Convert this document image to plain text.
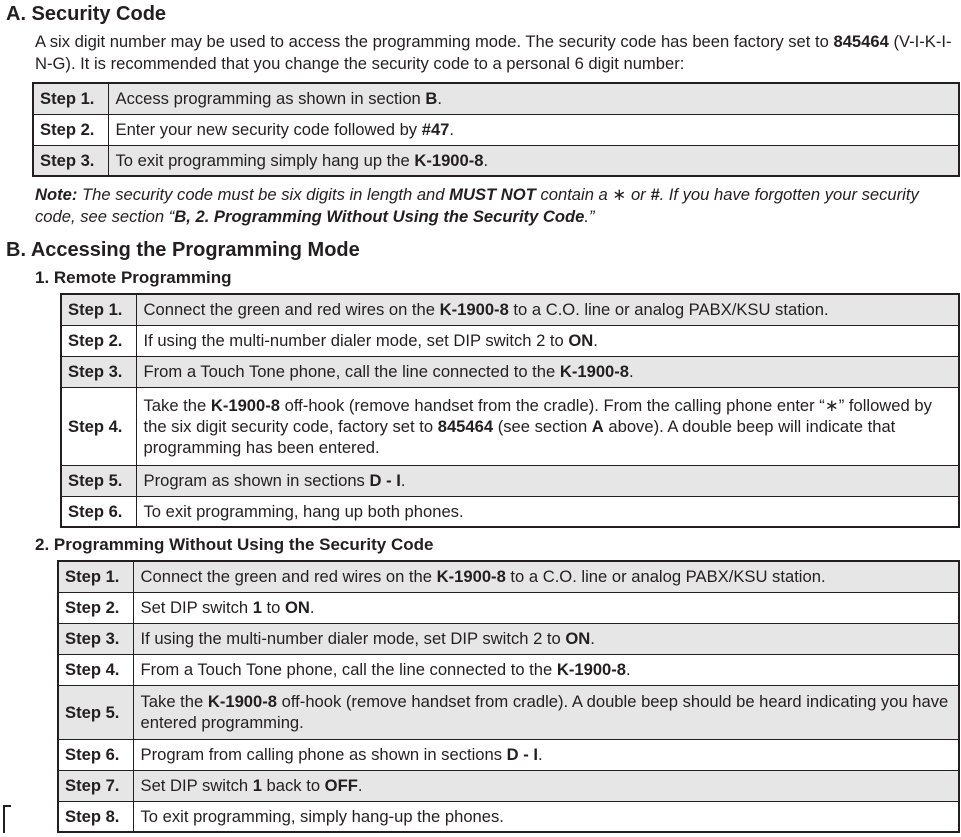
A. Security Code

A six digit number may be used to access the programming mode. The security code has been factory set to 845464 (V-I-K-I-N-G). It is recommended that you change the security code to a personal 6 digit number:

Step 1.	Access programming as shown in section B.
Step 2.	Enter your new security code followed by #47.
Step 3.	To exit programming simply hang up the K-1900-8.

Note: The security code must be six digits in length and MUST NOT contain a ∗ or #. If you have forgotten your security code, see section “B, 2. Programming Without Using the Security Code.”

B. Accessing the Programming Mode
1. Remote Programming
Step 1.	Connect the green and red wires on the K-1900-8 to a C.O. line or analog PABX/KSU station.
Step 2.	If using the multi-number dialer mode, set DIP switch 2 to ON.
Step 3.	From a Touch Tone phone, call the line connected to the K-1900-8.
Step 4.	Take the K-1900-8 off-hook (remove handset from the cradle). From the calling phone enter “∗” followed by the six digit security code, factory set to 845464 (see section A above). A double beep will indicate that programming has been entered.
Step 5.	Program as shown in sections D - I.
Step 6.	To exit programming, hang up both phones.
2. Programming Without Using the Security Code
Step 1.	Connect the green and red wires on the K-1900-8 to a C.O. line or analog PABX/KSU station.
Step 2.	Set DIP switch 1 to ON.
Step 3.	If using the multi-number dialer mode, set DIP switch 2 to ON.
Step 4.	From a Touch Tone phone, call the line connected to the K-1900-8.
Step 5.	Take the K-1900-8 off-hook (remove handset from cradle). A double beep should be heard indicating you have entered programming.
Step 6.	Program from calling phone as shown in sections D - I.
Step 7.	Set DIP switch 1 back to OFF.
Step 8.	To exit programming, simply hang-up the phones.
